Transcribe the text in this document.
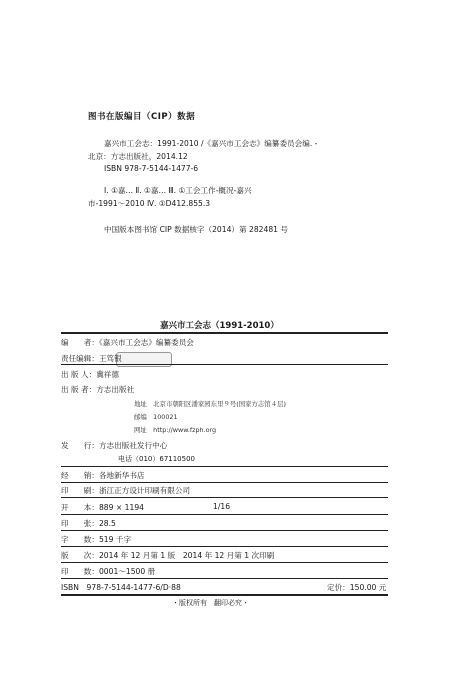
图书在版编目（CIP）数据
嘉兴市工会志：1991-2010 /《嘉兴市工会志》编纂委员会编. -
北京：方志出版社，2014.12
ISBN 978-7-5144-1477-6
Ⅰ. ①嘉… Ⅱ. ①嘉… Ⅲ. ①工会工作-概况-嘉兴
市-1991～2010 Ⅳ. ①D412.855.3
中国版本图书馆 CIP 数据核字（2014）第 282481 号
嘉兴市工会志（1991-2010）
编　　者：《嘉兴市工会志》编纂委员会
责任编辑：王笃银
出 版 人：冀祥德
出 版 者：方志出版社
地址　北京市朝阳区潘家园东里９号(国家方志馆４层)
邮编　100021
网址　http://www.fzph.org
发　　行：方志出版社发行中心
电话（010）67110500
经　　销：各地新华书店
印　　刷：浙江正方设计印刷有限公司
开　　本：889 × 1194	1/16
印　　张：28.5
字　　数：519 千字
版　　次：2014 年 12 月第 1 版　2014 年 12 月第 1 次印刷
印　　数：0001～1500 册
ISBN　978-7-5144-1477-6/D·88	定价：150.00 元
・版权所有　翻印必究・
